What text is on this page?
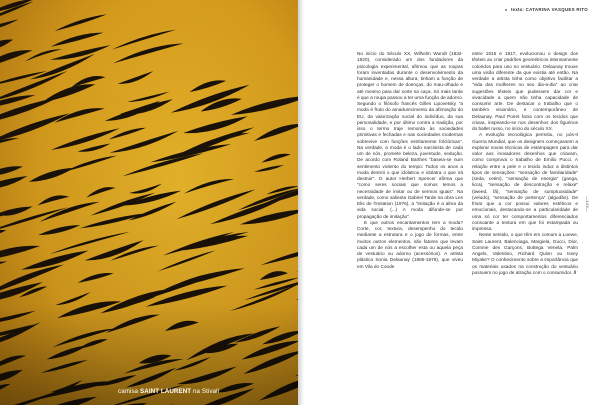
camisa SAINT LAURENT na Stivali
▸ texto: CATARINA VASQUES RITO

No início do Século XX, Wilhelm Wundt (1832-1920), considerado um dos fundadores da psicologia experimental, afirmou que as roupas foram inventadas durante o desenvolvimento da humanidade e, nessa altura, tinham a função de proteger o homem de doenças, do mau-olhado e até mesmo para dar sorte na caça. Só mais tarde é que a roupa passou a ter uma função de adorno. Segundo o filósofo francês Gilles Lipovetsky "a moda é fruto do amadurecimento da afirmação do EU, da valorização social do indivíduo, da sua personalidade, e por último contra a tradição, por isso o termo traje remonta às sociedades primitivas e fechadas e nas sociedades modernas sobrevive com funções estritamente folclóricas". Na verdade, a moda é o lado narcisista de cada um de nós, promete beleza, juventude, sedução. De acordo com Roland Barthes "baseia-se num sentimento violento do tempo: Todos os anos a moda destrói o que idolatrou e idolatra o que irá destruir". O autor Herbert Spencer afirma que "como seres sociais que somos temos a necessidade de imitar ou de sermos iguais". Na verdade, como salienta Gabriel Tarde na obra Les Elis de l'imitation (1976), a "imitação é a alma da vida social. (...) A moda difunde-se por propagação de imitação".

E que outros encantamentos tem a moda? Corte, cor, textura, desempenho do tecido mediante a estrutura e o jogo de formas, entre muitos outros elementos, são fatores que levam cada um de nós a escolher esta ou aquela peça de vestuário ou adorno (acessórios). A artista plástica Sonia Delaunay (1885-1979), que viveu em Vila do Conde

entre 1915 e 1917, evolucionou o design dos têxteis ao criar padrões geométricos intensamente coloridos para uso no vestuário. Delaunay trouxe uma visão diferente da que existia até então. Na verdade a artista tinha como objetivo facilitar a "vida das mulheres no seu dia-a-dia" ao criar sugestões têxteis que pudessem dar cor e vivacidade a quem não tinha capacidade de consumir arte. De destacar o trabalho que o também visionário, e contemporâneo de Delaunay, Paul Poiret fazia com os tecidos que criava, inspirando-se nos desenhos dos figurinos do ballet russo, no início do século XX.

A evolução tecnológica permitiu, no pós-II Guerra Mundial, que os designers começassem a explorar novas técnicas de estampagem para dar valor aos inovadores desenhos que criavam, como comprova o trabalho de Emilio Pucci. A relação entre a pele e o tecido induz a distintos tipos de sensações: "sensação de familiaridade" (seda, cetim), "sensação de energia" (ganga, licra), "sensação de descontração e relaxe" (tweed, lã), "sensação de sumptuosidade" (veludo), "sensação de pertença" (algodão). De frisar que a cor possui valores estéticos e emocionais, destacando-se a particularidade de uma só cor ter comportamentos diferenciados consoante a textura em que foi estampada ou impressa.

Neste sentido, o que têm em comum a Loewe, Saint Laurent, Balenciaga, Margiela, Gucci, Dior, Comme des Garçons, Bottega Veneta, Palm Angels, Valentino, Richard Quinn ou Issey Miyake? O conhecimento sobre a importância que os materiais usados na construção do vestuário possuem no jogo de atração com o consumidor. //

—123—
